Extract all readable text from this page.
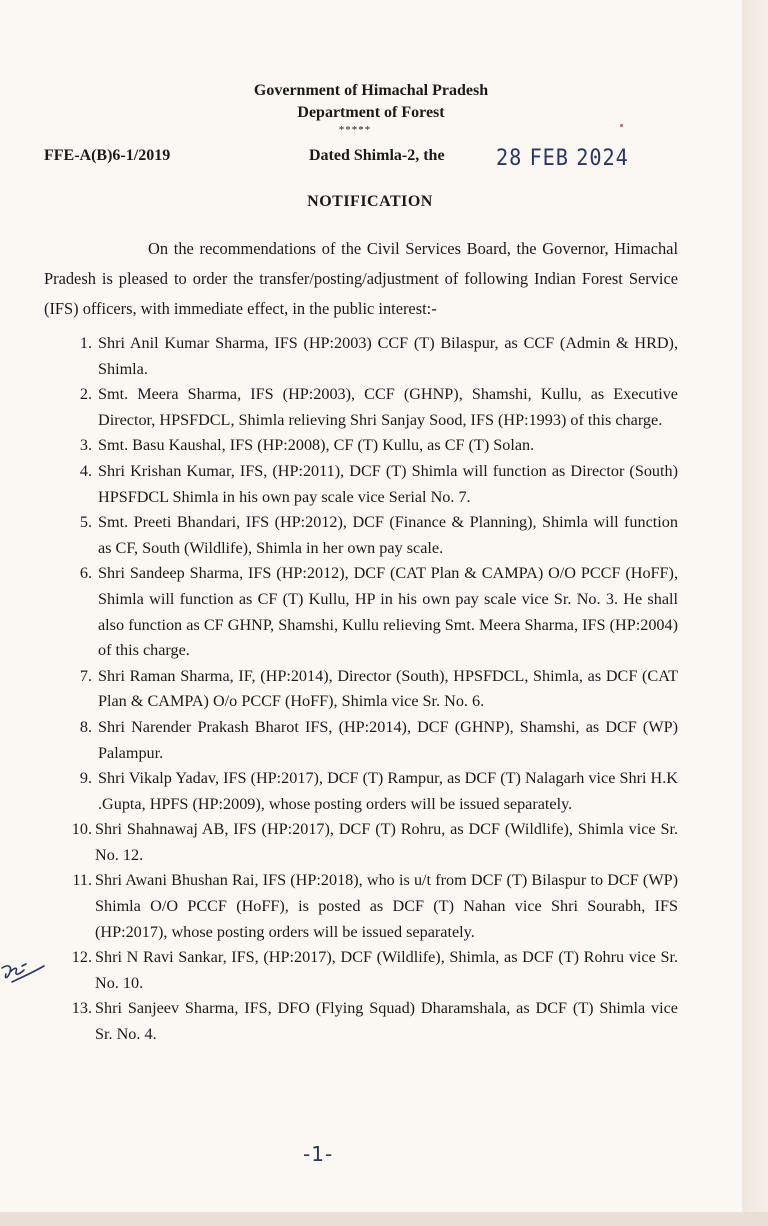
Government of Himachal Pradesh
Department of Forest
*****
FFE-A(B)6-1/2019	Dated Shimla-2, the 28 FEB 2024
NOTIFICATION
On the recommendations of the Civil Services Board, the Governor, Himachal Pradesh is pleased to order the transfer/posting/adjustment of following Indian Forest Service (IFS) officers, with immediate effect, in the public interest:-
1. Shri Anil Kumar Sharma, IFS (HP:2003) CCF (T) Bilaspur, as CCF (Admin & HRD), Shimla.
2. Smt. Meera Sharma, IFS (HP:2003), CCF (GHNP), Shamshi, Kullu, as Executive Director, HPSFDCL, Shimla relieving Shri Sanjay Sood, IFS (HP:1993) of this charge.
3. Smt. Basu Kaushal, IFS (HP:2008), CF (T) Kullu, as CF (T) Solan.
4. Shri Krishan Kumar, IFS, (HP:2011), DCF (T) Shimla will function as Director (South) HPSFDCL Shimla in his own pay scale vice Serial No. 7.
5. Smt. Preeti Bhandari, IFS (HP:2012), DCF (Finance & Planning), Shimla will function as CF, South (Wildlife), Shimla in her own pay scale.
6. Shri Sandeep Sharma, IFS (HP:2012), DCF (CAT Plan & CAMPA) O/O PCCF (HoFF), Shimla will function as CF (T) Kullu, HP in his own pay scale vice Sr. No. 3. He shall also function as CF GHNP, Shamshi, Kullu relieving Smt. Meera Sharma, IFS (HP:2004) of this charge.
7. Shri Raman Sharma, IF, (HP:2014), Director (South), HPSFDCL, Shimla, as DCF (CAT Plan & CAMPA) O/o PCCF (HoFF), Shimla vice Sr. No. 6.
8. Shri Narender Prakash Bharot IFS, (HP:2014), DCF (GHNP), Shamshi, as DCF (WP) Palampur.
9. Shri Vikalp Yadav, IFS (HP:2017), DCF (T) Rampur, as DCF (T) Nalagarh vice Shri H.K .Gupta, HPFS (HP:2009), whose posting orders will be issued separately.
10. Shri Shahnawaj AB, IFS (HP:2017), DCF (T) Rohru, as DCF (Wildlife), Shimla vice Sr. No. 12.
11. Shri Awani Bhushan Rai, IFS (HP:2018), who is u/t from DCF (T) Bilaspur to DCF (WP) Shimla O/O PCCF (HoFF), is posted as DCF (T) Nahan vice Shri Sourabh, IFS (HP:2017), whose posting orders will be issued separately.
12. Shri N Ravi Sankar, IFS, (HP:2017), DCF (Wildlife), Shimla, as DCF (T) Rohru vice Sr. No. 10.
13. Shri Sanjeev Sharma, IFS, DFO (Flying Squad) Dharamshala, as DCF (T) Shimla vice Sr. No. 4.
-1-
